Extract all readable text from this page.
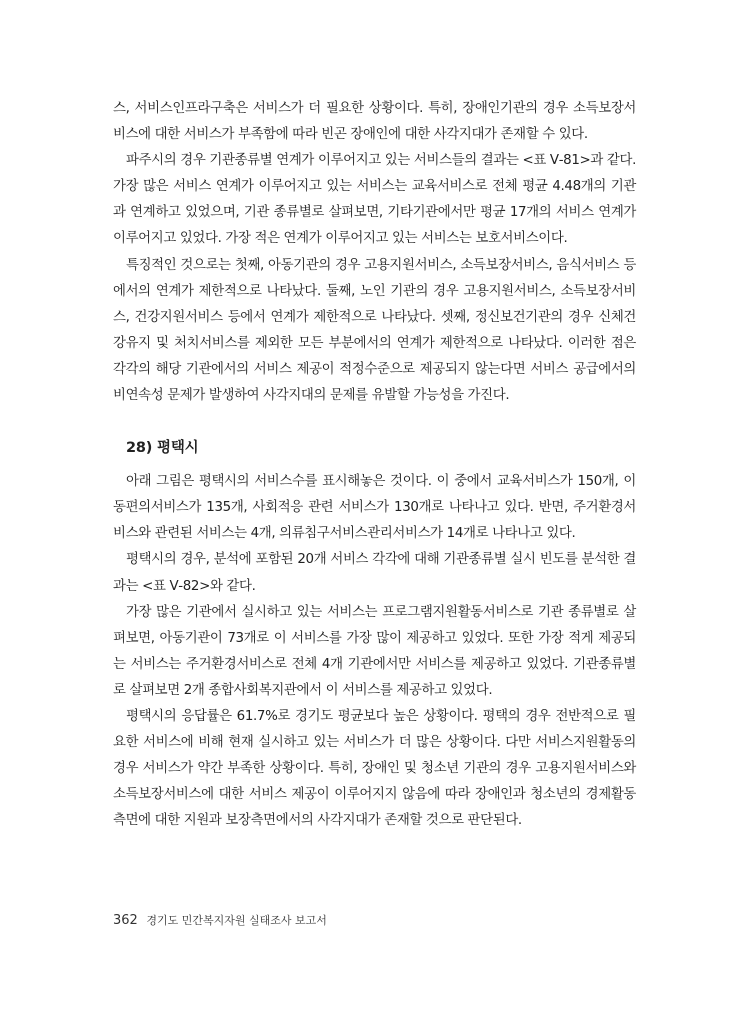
스, 서비스인프라구축은 서비스가 더 필요한 상황이다. 특히, 장애인기관의 경우 소득보장서비스에 대한 서비스가 부족함에 따라 빈곤 장애인에 대한 사각지대가 존재할 수 있다.

파주시의 경우 기관종류별 연계가 이루어지고 있는 서비스들의 결과는 <표 Ⅴ-81>과 같다. 가장 많은 서비스 연계가 이루어지고 있는 서비스는 교육서비스로 전체 평균 4.48개의 기관과 연계하고 있었으며, 기관 종류별로 살펴보면, 기타기관에서만 평균 17개의 서비스 연계가 이루어지고 있었다. 가장 적은 연계가 이루어지고 있는 서비스는 보호서비스이다.

특징적인 것으로는 첫째, 아동기관의 경우 고용지원서비스, 소득보장서비스, 음식서비스 등에서의 연계가 제한적으로 나타났다. 둘째, 노인 기관의 경우 고용지원서비스, 소득보장서비스, 건강지원서비스 등에서 연계가 제한적으로 나타났다. 셋째, 정신보건기관의 경우 신체건강유지 및 처치서비스를 제외한 모든 부분에서의 연계가 제한적으로 나타났다. 이러한 점은 각각의 해당 기관에서의 서비스 제공이 적정수준으로 제공되지 않는다면 서비스 공급에서의 비연속성 문제가 발생하여 사각지대의 문제를 유발할 가능성을 가진다.

28) 평택시

아래 그림은 평택시의 서비스수를 표시해놓은 것이다. 이 중에서 교육서비스가 150개, 이동편의서비스가 135개, 사회적응 관련 서비스가 130개로 나타나고 있다. 반면, 주거환경서비스와 관련된 서비스는 4개, 의류침구서비스관리서비스가 14개로 나타나고 있다.

평택시의 경우, 분석에 포함된 20개 서비스 각각에 대해 기관종류별 실시 빈도를 분석한 결과는 <표 Ⅴ-82>와 같다.

가장 많은 기관에서 실시하고 있는 서비스는 프로그램지원활동서비스로 기관 종류별로 살펴보면, 아동기관이 73개로 이 서비스를 가장 많이 제공하고 있었다. 또한 가장 적게 제공되는 서비스는 주거환경서비스로 전체 4개 기관에서만 서비스를 제공하고 있었다. 기관종류별로 살펴보면 2개 종합사회복지관에서 이 서비스를 제공하고 있었다.

평택시의 응답률은 61.7%로 경기도 평균보다 높은 상황이다. 평택의 경우 전반적으로 필요한 서비스에 비해 현재 실시하고 있는 서비스가 더 많은 상황이다. 다만 서비스지원활동의 경우 서비스가 약간 부족한 상황이다. 특히, 장애인 및 청소년 기관의 경우 고용지원서비스와 소득보장서비스에 대한 서비스 제공이 이루어지지 않음에 따라 장애인과 청소년의 경제활동 측면에 대한 지원과 보장측면에서의 사각지대가 존재할 것으로 판단된다.

362 경기도 민간복지자원 실태조사 보고서
